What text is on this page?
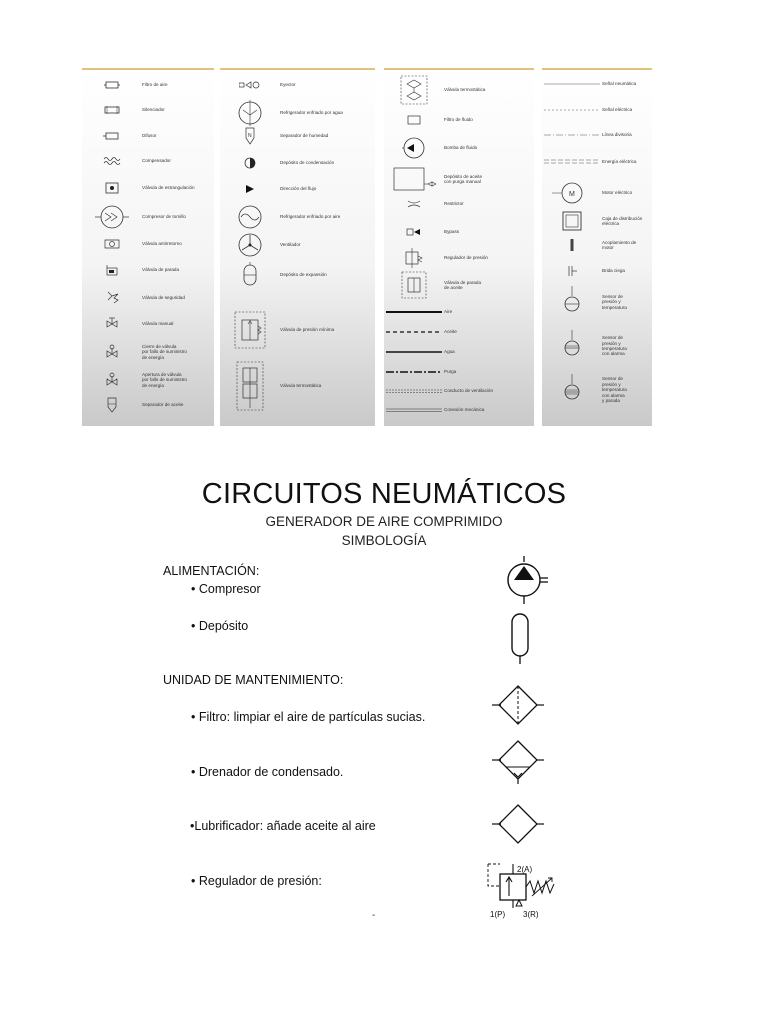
Filtro de aire
Silenciador
Difusor
Compensador
Válvula de estrangulación
Compresor de tornillo
Válvula antirretorno
Válvula de parada
Válvula de seguridad
Válvula manual
Cierre de válvula
por fallo de suministro
de energía
Apertura de válvula
por fallo de suministro
de energía
Separador de aceite
Eyector
Refrigerador enfriado por agua
N	Separador de humedad
Depósito de condensación
Dirección del flujo
Refrigerador enfriado por aire
Ventilador
Depósito de expansión
Válvula de presión mínima
Válvula termostática
Válvula termostática
Filtro de fluido
Bomba de fluido
Depósito de aceite
con purga manual
Restrictor
Bypass
Regulador de presión
Válvula de parada
de aceite
Aire
Aceite
Agua
Purga
Conducto de ventilación
Conexión mecánica
Señal neumática
Señal eléctrica
Línea divisoria
Energía eléctrica
M	Motor eléctrico
Caja de distribución
eléctrica
Acoplamiento de
motor
Brida ciega
Sensor de
presión y
temperatura
Sensor de
presión y
temperatura
con alarma
Sensor de
presión y
temperatura
con alarma
y parada
CIRCUITOS NEUMÁTICOS
GENERADOR DE AIRE COMPRIMIDO
SIMBOLOGÍA
ALIMENTACIÓN:
• Compresor
• Depósito
UNIDAD DE MANTENIMIENTO:
• Filtro: limpiar el aire de partículas sucias.
• Drenador de condensado.
•Lubrificador: añade aceite al aire
• Regulador de presión:
2(A)
1(P) 3(R)
-
